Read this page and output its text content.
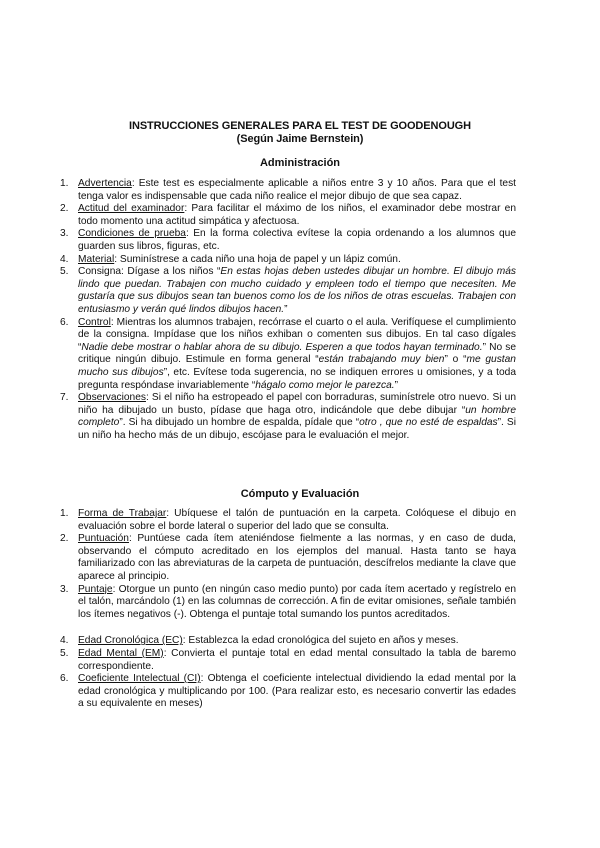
INSTRUCCIONES GENERALES PARA EL TEST DE GOODENOUGH
(Según Jaime Bernstein)
Administración
1. Advertencia: Este test es especialmente aplicable a niños entre 3 y 10 años. Para que el test tenga valor es indispensable que cada niño realice el mejor dibujo de que sea capaz.
2. Actitud del examinador: Para facilitar el máximo de los niños, el examinador debe mostrar en todo momento una actitud simpática y afectuosa.
3. Condiciones de prueba: En la forma colectiva evítese la copia ordenando a los alumnos que guarden sus libros, figuras, etc.
4. Material: Suminístrese a cada niño una hoja de papel y un lápiz común.
5. Consigna: Dígase a los niños “En estas hojas deben ustedes dibujar un hombre. El dibujo más lindo que puedan. Trabajen con mucho cuidado y empleen todo el tiempo que necesiten. Me gustaría que sus dibujos sean tan buenos como los de los niños de otras escuelas. Trabajen con entusiasmo y verán qué lindos dibujos hacen.”
6. Control: Mientras los alumnos trabajen, recórrase el cuarto o el aula. Verifíquese el cumplimiento de la consigna. Impídase que los niños exhiban o comenten sus dibujos. En tal caso dígales “Nadie debe mostrar o hablar ahora de su dibujo. Esperen a que todos hayan terminado.” No se critique ningún dibujo. Estimule en forma general “están trabajando muy bien” o “me gustan mucho sus dibujos”, etc. Evítese toda sugerencia, no se indiquen errores u omisiones, y a toda pregunta respóndase invariablemente “hágalo como mejor le parezca.”
7. Observaciones: Si el niño ha estropeado el papel con borraduras, suminístrele otro nuevo. Si un niño ha dibujado un busto, pídase que haga otro, indicándole que debe dibujar “un hombre completo”. Si ha dibujado un hombre de espalda, pídale que “otro , que no esté de espaldas”. Si un niño ha hecho más de un dibujo, escójase para le evaluación el mejor.
Cómputo y Evaluación
1. Forma de Trabajar: Ubíquese el talón de puntuación en la carpeta. Colóquese el dibujo en evaluación sobre el borde lateral o superior del lado que se consulta.
2. Puntuación: Puntúese cada ítem ateniéndose fielmente a las normas, y en caso de duda, observando el cómputo acreditado en los ejemplos del manual. Hasta tanto se haya familiarizado con las abreviaturas de la carpeta de puntuación, descífrelos mediante la clave que aparece al principio.
3. Puntaje: Otorgue un punto (en ningún caso medio punto) por cada ítem acertado y regístrelo en el talón, marcándolo (1) en las columnas de corrección. A fin de evitar omisiones, señale también los ítemes negativos (-). Obtenga el puntaje total sumando los puntos acreditados.
4. Edad Cronológica (EC): Establezca la edad cronológica del sujeto en años y meses.
5. Edad Mental (EM): Convierta el puntaje total en edad mental consultado la tabla de baremo correspondiente.
6. Coeficiente Intelectual (CI): Obtenga el coeficiente intelectual dividiendo la edad mental por la edad cronológica y multiplicando por 100. (Para realizar esto, es necesario convertir las edades a su equivalente en meses)
